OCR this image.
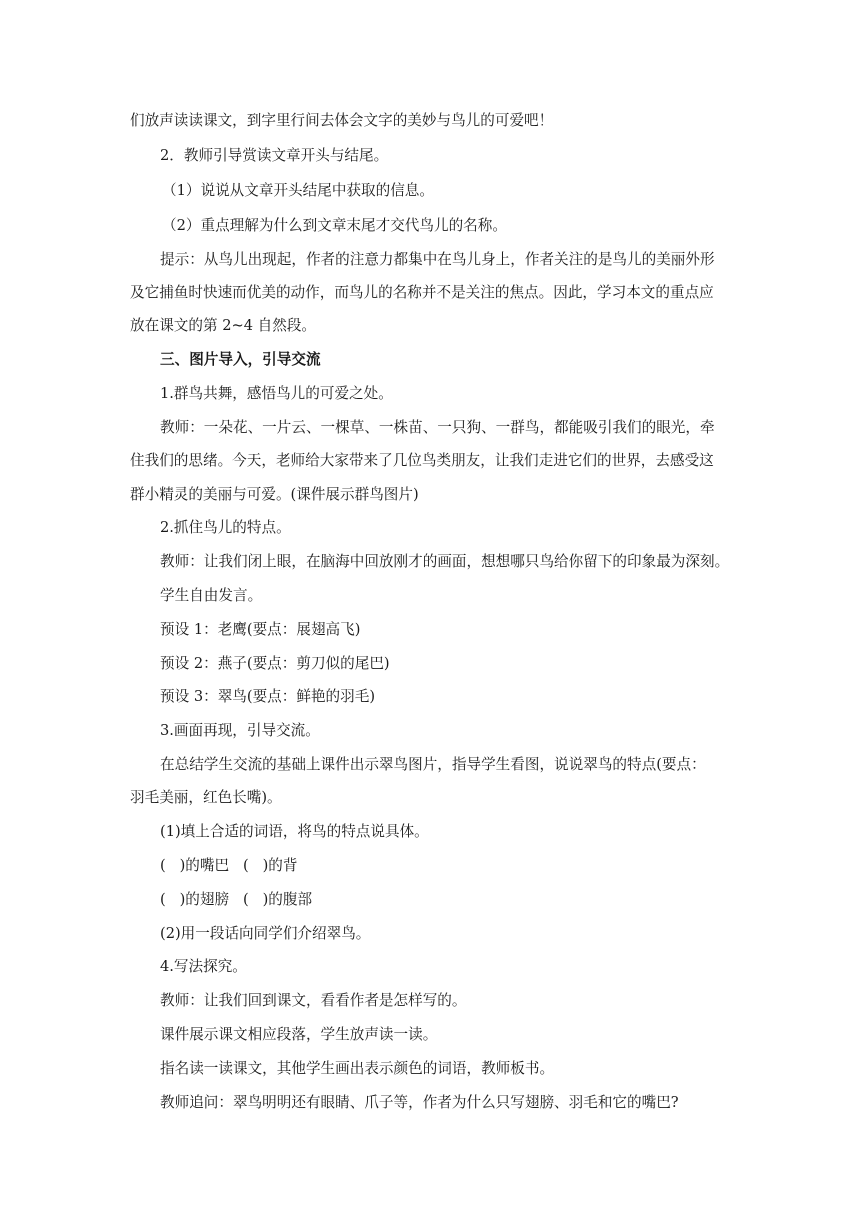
们放声读读课文，到字里行间去体会文字的美妙与鸟儿的可爱吧！
2．教师引导赏读文章开头与结尾。
（1）说说从文章开头结尾中获取的信息。
（2）重点理解为什么到文章末尾才交代鸟儿的名称。
提示：从鸟儿出现起，作者的注意力都集中在鸟儿身上，作者关注的是鸟儿的美丽外形
及它捕鱼时快速而优美的动作，而鸟儿的名称并不是关注的焦点。因此，学习本文的重点应
放在课文的第 2~4 自然段。
三、图片导入，引导交流
1.群鸟共舞，感悟鸟儿的可爱之处。
教师：一朵花、一片云、一棵草、一株苗、一只狗、一群鸟，都能吸引我们的眼光，牵
住我们的思绪。今天，老师给大家带来了几位鸟类朋友，让我们走进它们的世界，去感受这
群小精灵的美丽与可爱。(课件展示群鸟图片)
2.抓住鸟儿的特点。
教师：让我们闭上眼，在脑海中回放刚才的画面，想想哪只鸟给你留下的印象最为深刻。
学生自由发言。
预设 1：老鹰(要点：展翅高飞)
预设 2：燕子(要点：剪刀似的尾巴)
预设 3：翠鸟(要点：鲜艳的羽毛)
3.画面再现，引导交流。
在总结学生交流的基础上课件出示翠鸟图片，指导学生看图，说说翠鸟的特点(要点：
羽毛美丽，红色长嘴)。
(1)填上合适的词语，将鸟的特点说具体。
(   )的嘴巴   (   )的背
(   )的翅膀   (   )的腹部
(2)用一段话向同学们介绍翠鸟。
4.写法探究。
教师：让我们回到课文，看看作者是怎样写的。
课件展示课文相应段落，学生放声读一读。
指名读一读课文，其他学生画出表示颜色的词语，教师板书。
教师追问：翠鸟明明还有眼睛、爪子等，作者为什么只写翅膀、羽毛和它的嘴巴?
